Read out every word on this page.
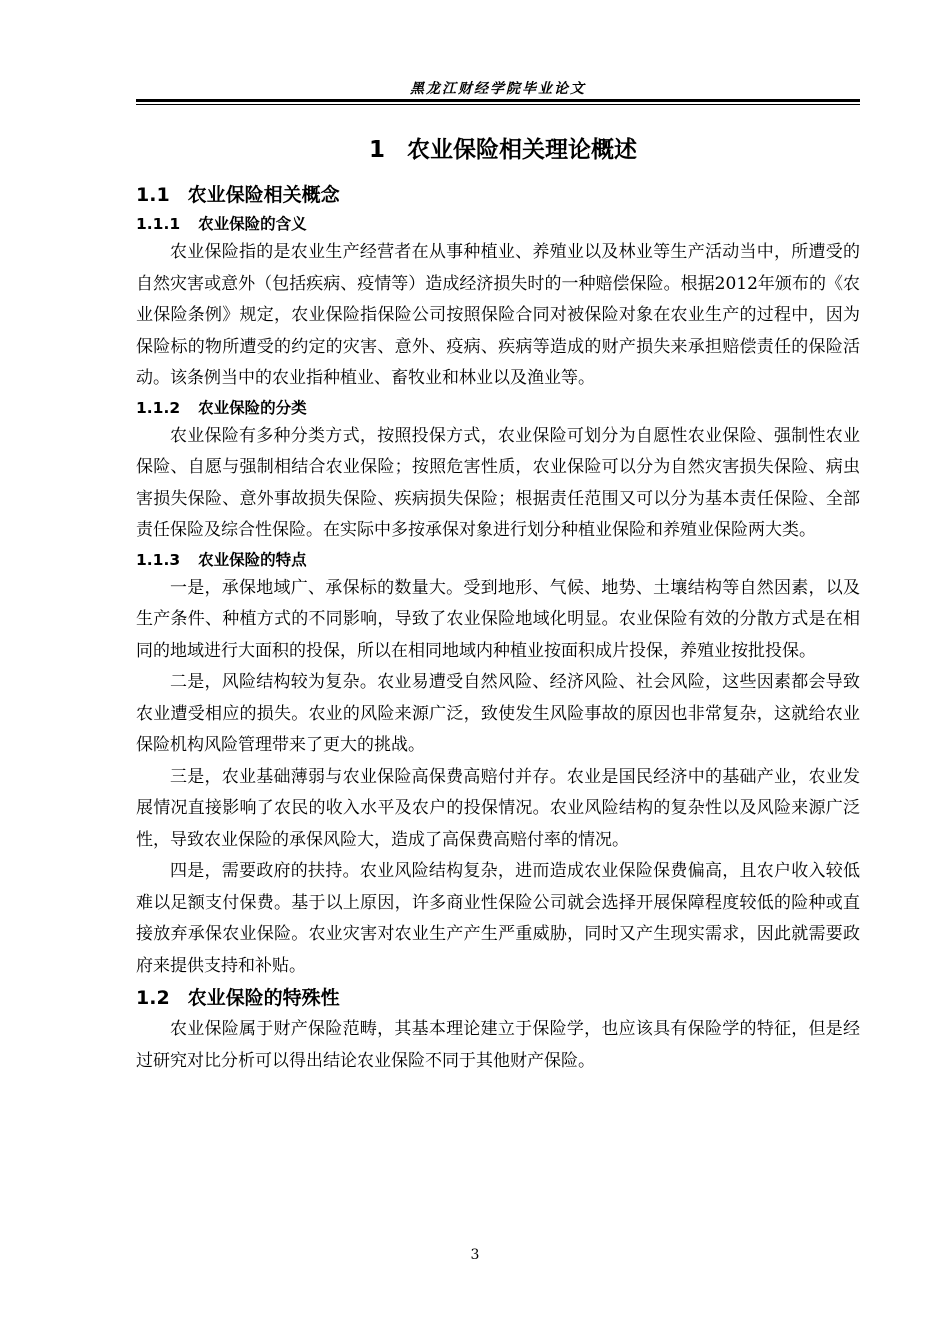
黑龙江财经学院毕业论文
1 农业保险相关理论概述
1.1 农业保险相关概念
1.1.1 农业保险的含义

农业保险指的是农业生产经营者在从事种植业、养殖业以及林业等生产活动当中，所遭受的自然灾害或意外（包括疾病、疫情等）造成经济损失时的一种赔偿保险。根据2012年颁布的《农业保险条例》规定，农业保险指保险公司按照保险合同对被保险对象在农业生产的过程中，因为保险标的物所遭受的约定的灾害、意外、疫病、疾病等造成的财产损失来承担赔偿责任的保险活动。该条例当中的农业指种植业、畜牧业和林业以及渔业等。

1.1.2 农业保险的分类

农业保险有多种分类方式，按照投保方式，农业保险可划分为自愿性农业保险、强制性农业保险、自愿与强制相结合农业保险；按照危害性质，农业保险可以分为自然灾害损失保险、病虫害损失保险、意外事故损失保险、疾病损失保险；根据责任范围又可以分为基本责任保险、全部责任保险及综合性保险。在实际中多按承保对象进行划分种植业保险和养殖业保险两大类。

1.1.3 农业保险的特点

一是，承保地域广、承保标的数量大。受到地形、气候、地势、土壤结构等自然因素，以及生产条件、种植方式的不同影响，导致了农业保险地域化明显。农业保险有效的分散方式是在相同的地域进行大面积的投保，所以在相同地域内种植业按面积成片投保，养殖业按批投保。

二是，风险结构较为复杂。农业易遭受自然风险、经济风险、社会风险，这些因素都会导致农业遭受相应的损失。农业的风险来源广泛，致使发生风险事故的原因也非常复杂，这就给农业保险机构风险管理带来了更大的挑战。

三是，农业基础薄弱与农业保险高保费高赔付并存。农业是国民经济中的基础产业，农业发展情况直接影响了农民的收入水平及农户的投保情况。农业风险结构的复杂性以及风险来源广泛性，导致农业保险的承保风险大，造成了高保费高赔付率的情况。

四是，需要政府的扶持。农业风险结构复杂，进而造成农业保险保费偏高，且农户收入较低难以足额支付保费。基于以上原因，许多商业性保险公司就会选择开展保障程度较低的险种或直接放弃承保农业保险。农业灾害对农业生产产生严重威胁，同时又产生现实需求，因此就需要政府来提供支持和补贴。

1.2 农业保险的特殊性

农业保险属于财产保险范畴，其基本理论建立于保险学，也应该具有保险学的特征，但是经过研究对比分析可以得出结论农业保险不同于其他财产保险。

3
